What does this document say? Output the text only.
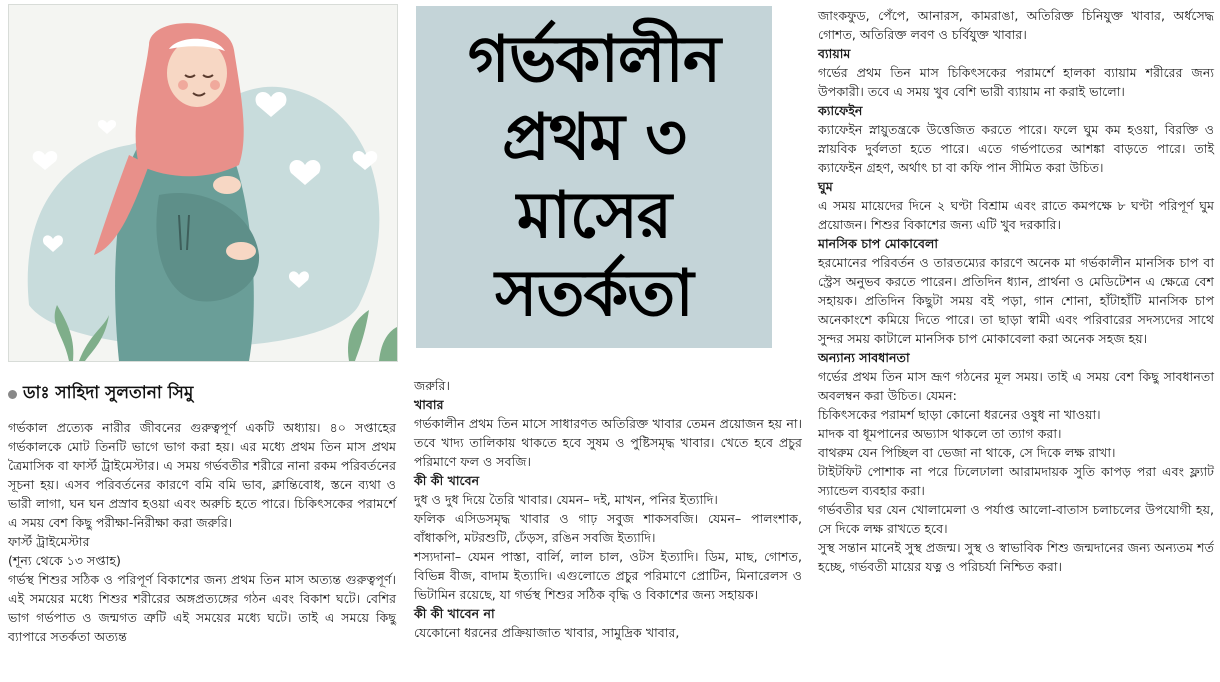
ডাঃ সাহিদা সুলতানা সিমু

গর্ভকাল প্রত্যেক নারীর জীবনের গুরুত্বপূর্ণ একটি অধ্যায়। ৪০ সপ্তাহের গর্ভকালকে মোট তিনটি ভাগে ভাগ করা হয়। এর মধ্যে প্রথম তিন মাস প্রথম ত্রৈমাসিক বা ফার্স্ট ট্রাইমেস্টার। এ সময় গর্ভবতীর শরীরে নানা রকম পরিবর্তনের সূচনা হয়। এসব পরিবর্তনের কারণে বমি বমি ভাব, ক্লান্তিবোধ, স্তনে ব্যথা ও ভারী লাগা, ঘন ঘন প্রস্রাব হওয়া এবং অরুচি হতে পারে। চিকিৎসকের পরামর্শে এ সময় বেশ কিছু পরীক্ষা-নিরীক্ষা করা জরুরি।

ফার্স্ট ট্রাইমেস্টার
(শূন্য থেকে ১৩ সপ্তাহ)

গর্ভস্থ শিশুর সঠিক ও পরিপূর্ণ বিকাশের জন্য প্রথম তিন মাস অত্যন্ত গুরুত্বপূর্ণ। এই সময়ের মধ্যে শিশুর শরীরের অঙ্গপ্রত্যঙ্গের গঠন এবং বিকাশ ঘটে। বেশির ভাগ গর্ভপাত ও জন্মগত ত্রুটি এই সময়ের মধ্যে ঘটে। তাই এ সময়ে কিছু ব্যাপারে সতর্কতা অত্যন্ত

গর্ভকালীন
প্রথম ৩
মাসের
সতর্কতা

জরুরি।

খাবার

গর্ভকালীন প্রথম তিন মাসে সাধারণত অতিরিক্ত খাবার তেমন প্রয়োজন হয় না। তবে খাদ্য তালিকায় থাকতে হবে সুষম ও পুষ্টিসমৃদ্ধ খাবার। খেতে হবে প্রচুর পরিমাণে ফল ও সবজি।

কী কী খাবেন

দুধ ও দুধ দিয়ে তৈরি খাবার। যেমন– দই, মাখন, পনির ইত্যাদি।

ফলিক এসিডসমৃদ্ধ খাবার ও গাঢ় সবুজ শাকসবজি। যেমন– পালংশাক, বাঁধাকপি, মটরশুটি, ঢেঁড়স, রঙিন সবজি ইত্যাদি।

শস্যদানা– যেমন পাস্তা, বার্লি, লাল চাল, ওটস ইত্যাদি। ডিম, মাছ, গোশত, বিভিন্ন বীজ, বাদাম ইত্যাদি। এগুলোতে প্রচুর পরিমাণে প্রোটিন, মিনারেলস ও ভিটামিন রয়েছে, যা গর্ভস্থ শিশুর সঠিক বৃদ্ধি ও বিকাশের জন্য সহায়ক।

কী কী খাবেন না

যেকোনো ধরনের প্রক্রিয়াজাত খাবার, সামুদ্রিক খাবার,

জাংকফুড, পেঁপে, আনারস, কামরাঙা, অতিরিক্ত চিনিযুক্ত খাবার, অর্ধসেদ্ধ গোশত, অতিরিক্ত লবণ ও চর্বিযুক্ত খাবার।

ব্যায়াম

গর্ভের প্রথম তিন মাস চিকিৎসকের পরামর্শে হালকা ব্যায়াম শরীরের জন্য উপকারী। তবে এ সময় খুব বেশি ভারী ব্যায়াম না করাই ভালো।

ক্যাফেইন

ক্যাফেইন স্নায়ুতন্ত্রকে উত্তেজিত করতে পারে। ফলে ঘুম কম হওয়া, বিরক্তি ও স্নায়বিক দুর্বলতা হতে পারে। এতে গর্ভপাতের আশঙ্কা বাড়তে পারে। তাই ক্যাফেইন গ্রহণ, অর্থাৎ চা বা কফি পান সীমিত করা উচিত।

ঘুম

এ সময় মায়েদের দিনে ২ ঘণ্টা বিশ্রাম এবং রাতে কমপক্ষে ৮ ঘণ্টা পরিপূর্ণ ঘুম প্রয়োজন। শিশুর বিকাশের জন্য এটি খুব দরকারি।

মানসিক চাপ মোকাবেলা

হরমোনের পরিবর্তন ও তারতম্যের কারণে অনেক মা গর্ভকালীন মানসিক চাপ বা স্ট্রেস অনুভব করতে পারেন। প্রতিদিন ধ্যান, প্রার্থনা ও মেডিটেশন এ ক্ষেত্রে বেশ সহায়ক। প্রতিদিন কিছুটা সময় বই পড়া, গান শোনা, হাঁটাহাঁটি মানসিক চাপ অনেকাংশে কমিয়ে দিতে পারে। তা ছাড়া স্বামী এবং পরিবারের সদস্যদের সাথে সুন্দর সময় কাটালে মানসিক চাপ মোকাবেলা করা অনেক সহজ হয়।

অন্যান্য সাবধানতা

গর্ভের প্রথম তিন মাস ভ্রূণ গঠনের মূল সময়। তাই এ সময় বেশ কিছু সাবধানতা অবলম্বন করা উচিত। যেমন:

চিকিৎসকের পরামর্শ ছাড়া কোনো ধরনের ওষুধ না খাওয়া।
মাদক বা ধূমপানের অভ্যাস থাকলে তা ত্যাগ করা।
বাথরুম যেন পিচ্ছিল বা ভেজা না থাকে, সে দিকে লক্ষ রাখা।

টাইটফিট পোশাক না পরে ঢিলেঢালা আরামদায়ক সুতি কাপড় পরা এবং ফ্ল্যাট স্যান্ডেল ব্যবহার করা।

গর্ভবতীর ঘর যেন খোলামেলা ও পর্যাপ্ত আলো-বাতাস চলাচলের উপযোগী হয়, সে দিকে লক্ষ রাখতে হবে।

সুস্থ সন্তান মানেই সুস্থ প্রজন্ম। সুস্থ ও স্বাভাবিক শিশু জন্মদানের জন্য অন্যতম শর্ত হচ্ছে, গর্ভবতী মায়ের যত্ন ও পরিচর্যা নিশ্চিত করা।
